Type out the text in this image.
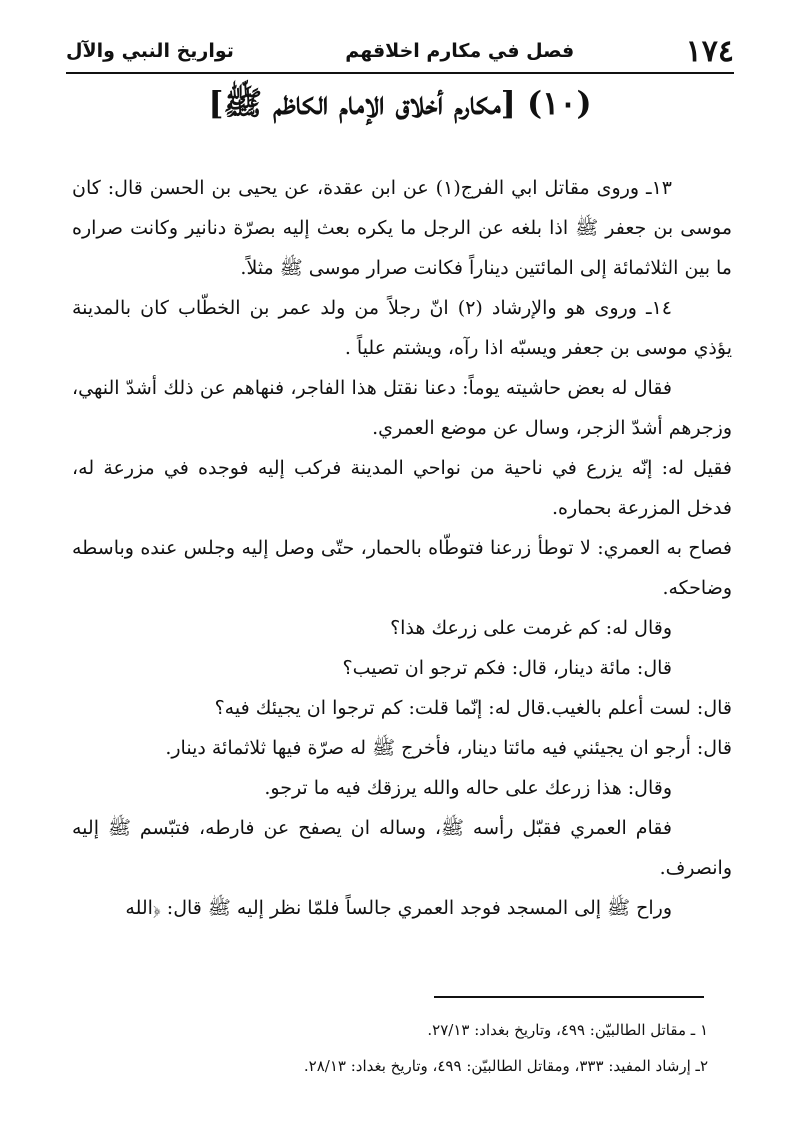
١٧٤
فصل في مكارم اخلاقهم
تواريخ النبي والآل
(١٠) [مكارم أخلاق الإمام الكاظم ﷺ]

١٣ـ وروى مقاتل ابي الفرج(١) عن ابن عقدة، عن يحيى بن الحسن قال: كان موسى بن جعفر ﷺ اذا بلغه عن الرجل ما يكره بعث إليه بصرّة دنانير وكانت صراره ما بين الثلاثمائة إلى المائتين ديناراً فكانت صرار موسى ﷺ مثلاً.

١٤ـ وروى هو والإرشاد (٢) انّ رجلاً من ولد عمر بن الخطّاب كان بالمدينة يؤذي موسى بن جعفر ويسبّه اذا رآه، ويشتم علياً .

فقال له بعض حاشيته يوماً: دعنا نقتل هذا الفاجر، فنهاهم عن ذلك أشدّ النهي، وزجرهم أشدّ الزجر، وسال عن موضع العمري.

فقيل له: إنّه يزرع في ناحية من نواحي المدينة فركب إليه فوجده في مزرعة له، فدخل المزرعة بحماره.

فصاح به العمري: لا توطأ زرعنا فتوطّاه بالحمار، حتّى وصل إليه وجلس عنده وباسطه وضاحكه.

وقال له: كم غرمت على زرعك هذا؟

قال: مائة دينار، قال: فكم ترجو ان تصيب؟

قال: لست أعلم بالغيب.قال له: إنّما قلت: كم ترجوا ان يجيئك فيه؟

قال: أرجو ان يجيئني فيه مائتا دينار، فأخرج ﷺ له صرّة فيها ثلاثمائة دينار.

وقال: هذا زرعك على حاله والله يرزقك فيه ما ترجو.

فقام العمري فقبّل رأسه ﷺ، وساله ان يصفح عن فارطه، فتبّسم ﷺ إليه وانصرف.

وراح ﷺ إلى المسجد فوجد العمري جالساً فلمّا نظر إليه ﷺ قال: ﴿الله

١ ـ مقاتل الطالبيّن: ٤٩٩، وتاريخ بغداد: ٢٧/١٣.

٢ـ إرشاد المفيد: ٣٣٣، ومقاتل الطالبيّن: ٤٩٩، وتاريخ بغداد: ٢٨/١٣.
